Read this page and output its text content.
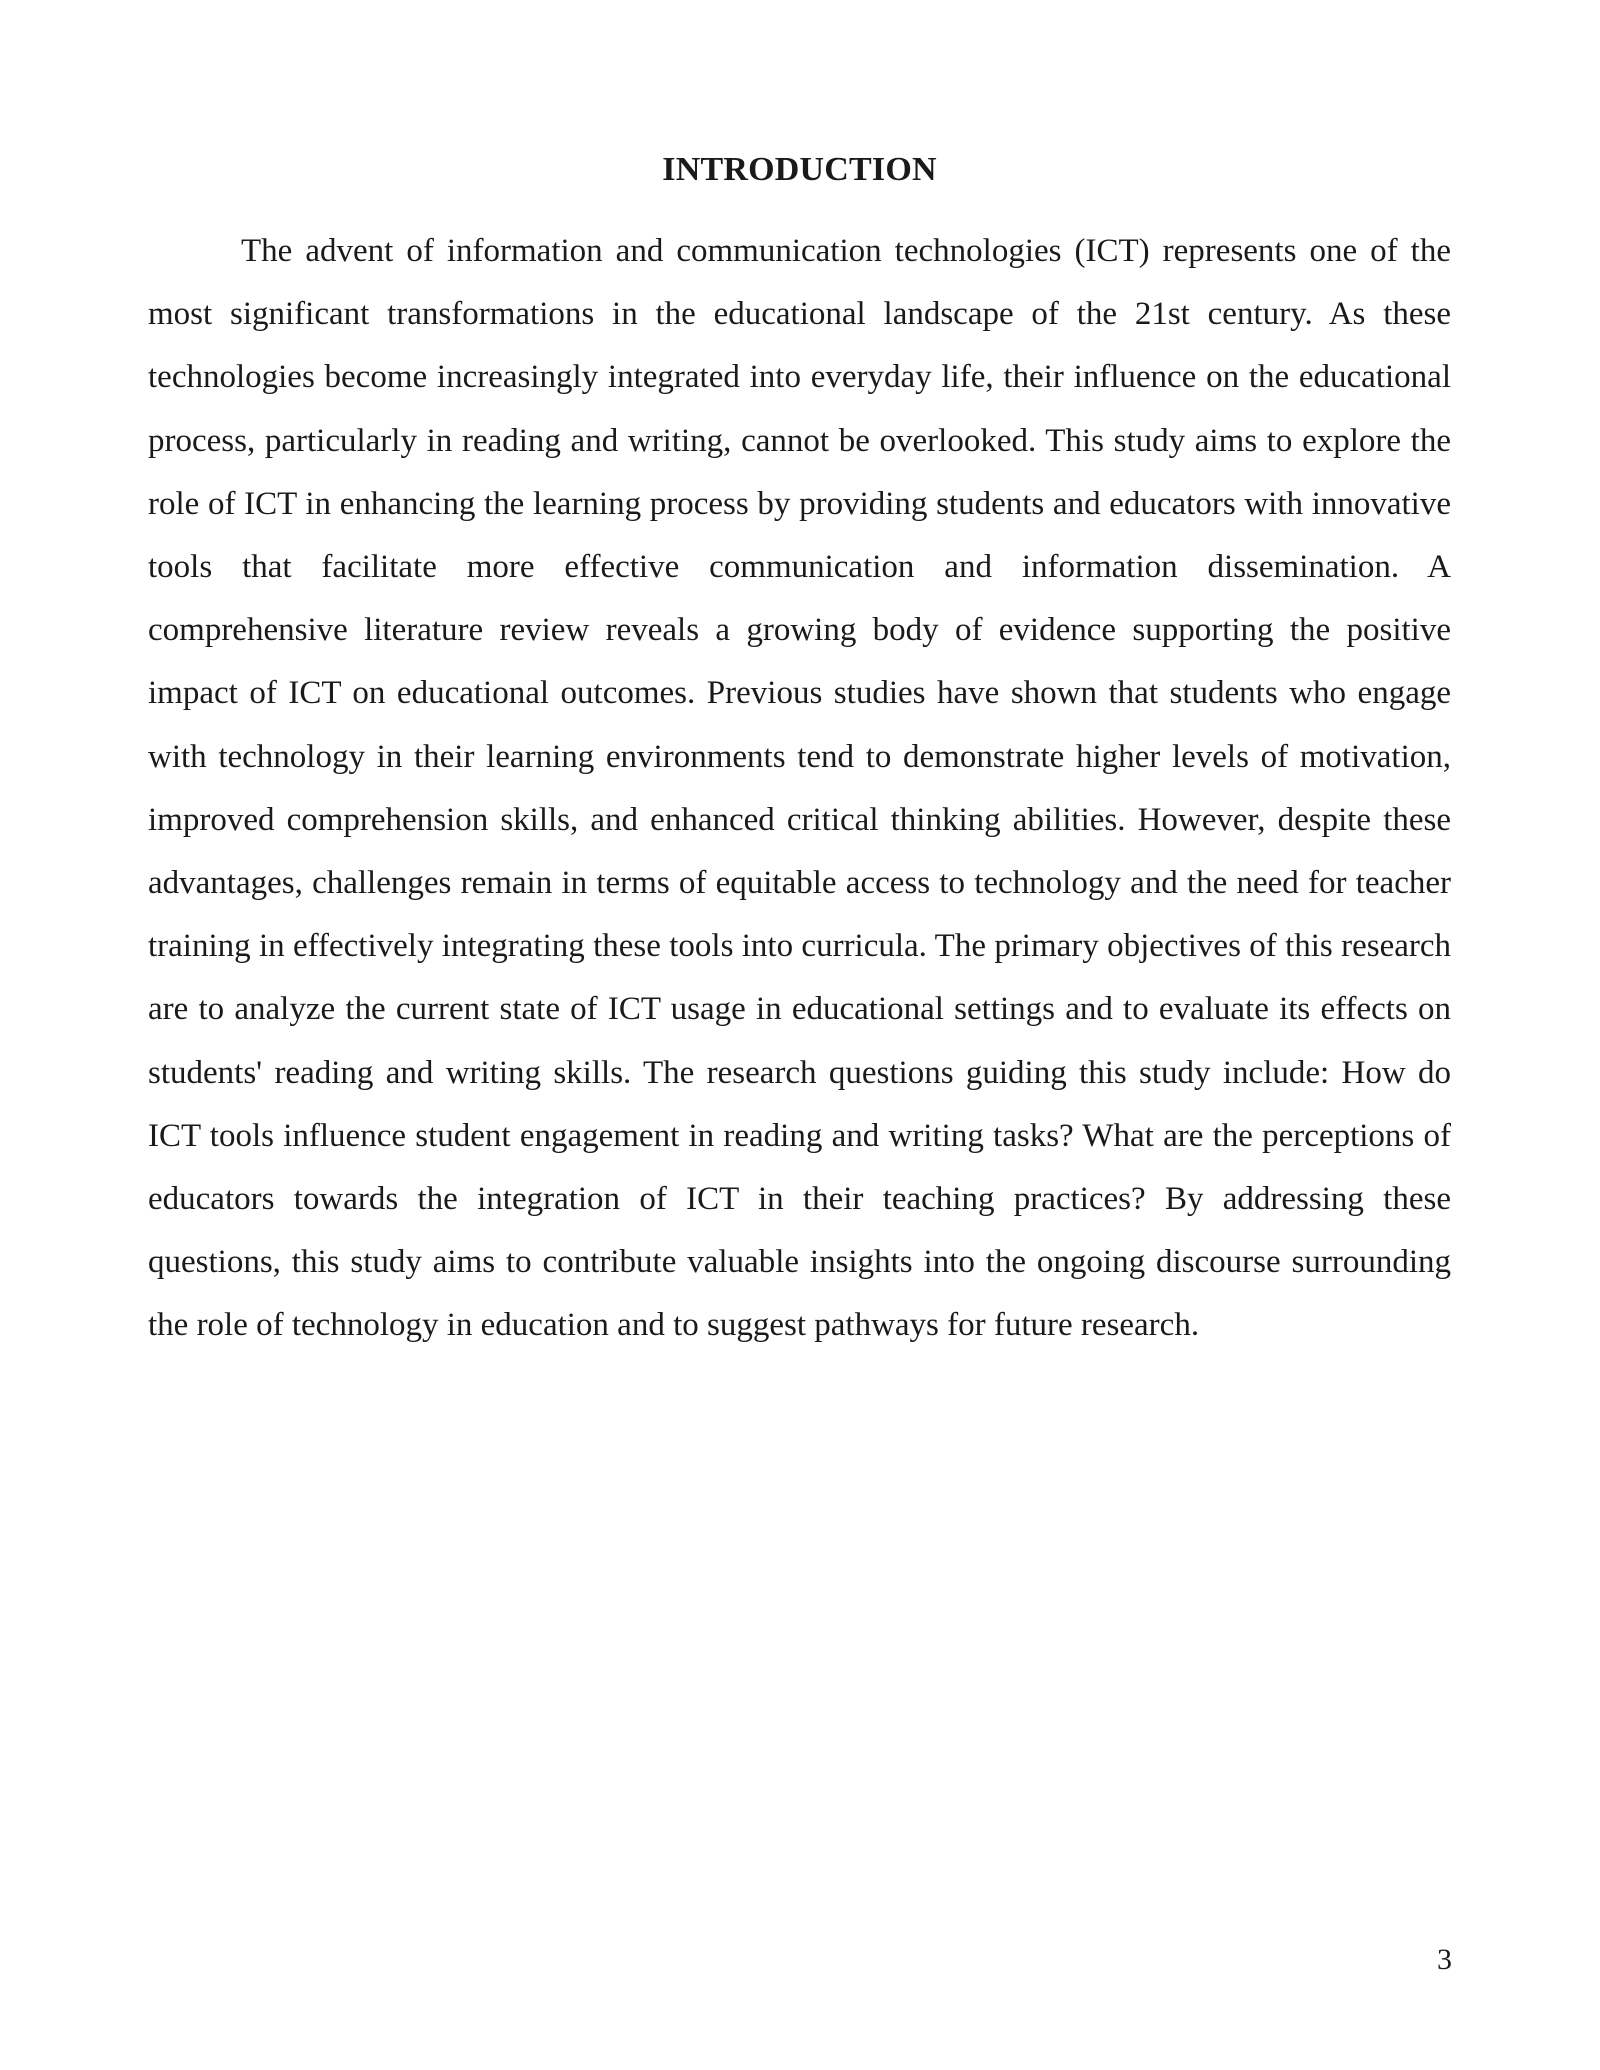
INTRODUCTION

The advent of information and communication technologies (ICT) represents one of the most significant transformations in the educational landscape of the 21st century. As these technologies become increasingly integrated into everyday life, their influence on the educational process, particularly in reading and writing, cannot be overlooked. This study aims to explore the role of ICT in enhancing the learning process by providing students and educators with innovative tools that facilitate more effective communication and information dissemination. A comprehensive literature review reveals a growing body of evidence supporting the positive impact of ICT on educational outcomes. Previous studies have shown that students who engage with technology in their learning environments tend to demonstrate higher levels of motivation, improved comprehension skills, and enhanced critical thinking abilities. However, despite these advantages, challenges remain in terms of equitable access to technology and the need for teacher training in effectively integrating these tools into curricula. The primary objectives of this research are to analyze the current state of ICT usage in educational settings and to evaluate its effects on students' reading and writing skills. The research questions guiding this study include: How do ICT tools influence student engagement in reading and writing tasks? What are the perceptions of educators towards the integration of ICT in their teaching practices? By addressing these questions, this study aims to contribute valuable insights into the ongoing discourse surrounding the role of technology in education and to suggest pathways for future research.

3
